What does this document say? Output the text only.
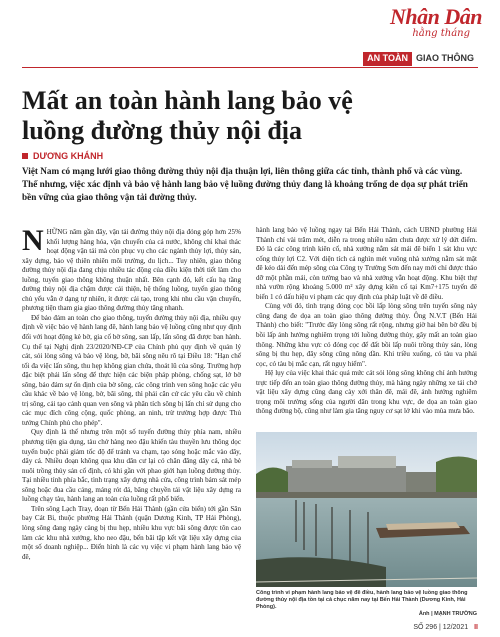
Nhân Dân
hằng tháng
AN TOÀN GIAO THÔNG
Mất an toàn hành lang bảo vệ luồng đường thủy nội địa
DƯƠNG KHÁNH

Việt Nam có mạng lưới giao thông đường thủy nội địa thuận lợi, liên thông giữa các tỉnh, thành phố và các vùng. Thế nhưng, việc xác định và bảo vệ hành lang bảo vệ luồng đường thủy đang là khoảng trống de dọa sự phát triển bền vững của giao thông vận tải đường thủy.

N HỮNG năm gần đây, vận tải đường thủy nội địa đóng góp hơn 25% khối lượng hàng hóa, vận chuyển của cả nước, không chỉ khai thác hoạt động vận tải mà còn phục vụ cho các ngành thủy lợi, thủy sản, xây dựng, bảo vệ thiên nhiên môi trường, du lịch... Tuy nhiên, giao thông đường thủy nội địa đang chịu nhiều tác động của điều kiện thời tiết làm cho luồng, tuyến giao thông không thuận nhất. Bên cạnh đó, kết cấu hạ tầng đường thủy nội địa chậm được cải thiện, hệ thống luồng, tuyến giao thông chủ yếu vẫn ở dạng tự nhiên, ít được cải tạo, trong khi nhu cầu vận chuyển, phương tiện tham gia giao thông đường thủy tăng nhanh.

Để bảo đảm an toàn cho giao thông, tuyến đường thủy nội địa, nhiều quy định về việc bảo vệ hành lang đê, hành lang bảo vệ luồng cũng như quy định đối với hoạt động kè bờ, gia cố bờ sông, san lấp, lấn sông đã được ban hành. Cụ thể tại Nghị định 23/2020/NĐ-CP của Chính phủ quy định về quản lý cát, sỏi lòng sông và bảo vệ lòng, bờ, bãi sông nêu rõ tại Điều 18: "Hạn chế tối đa việc lấn sông, thu hẹp không gian chứa, thoát lũ của sông. Trường hợp đặc biệt phải lấn sông để thực hiện các biện pháp phòng, chống sạt, lở bờ sông, bảo đảm sự ổn định của bờ sông, các công trình ven sông hoặc các yêu cầu khác về bảo vệ lòng, bờ, bãi sông, thì phải căn cứ các yêu cầu về chỉnh trị sông, cải tạo cảnh quan ven sông và phân tích sông bị lấn chỉ sử dụng cho các mục đích công cộng, quốc phòng, an ninh, trừ trường hợp được Thủ tướng Chính phủ cho phép".

Quy định là thế nhưng trên một số tuyến đường thủy phía nam, nhiều phương tiện gia dụng, tàu chở hàng neo đậu khiến tàu thuyền lưu thông dọc tuyến buộc phải giảm tốc độ để tránh va chạm, tạo sóng hoặc mắc vào dây, dây cá. Nhiều đoạn không qua khu dân cư lại có chăn đăng dây cá, nhà bè nuôi trồng thủy sản cố định, có khi gần với phao giới hạn luồng đường thủy. Tại nhiều tỉnh phía bắc, tình trạng xây dựng nhà cửa, công trình bám sát mép sông hoặc đua cầu cảng, máng rót đá, bãng chuyền tải vật liệu xây dựng ra luồng chạy tàu, hành lang an toàn của luồng rất phổ biến.

Trên sông Lạch Tray, đoạn từ Bến Hải Thành (gần cửa biển) tới gần Sân bay Cát Bi, thuộc phường Hải Thành (quận Dương Kinh, TP Hải Phòng), lòng sông đang ngày càng bị thu hẹp, nhiều khu vực bãi sông được tôn cao làm các khu nhà xưởng, kho neo đậu, bến bãi tập kết vật liệu xây dựng của một số doanh nghiệp... Điển hình là các vụ việc vi phạm hành lang bảo vệ đê,

hành lang bảo vệ luồng ngay tại Bến Hải Thành, cách UBND phường Hải Thành chỉ vài trăm mét, diễn ra trong nhiều năm chưa được xử lý dứt điểm. Đó là các công trình kiên cố, nhà xưởng nằm sát mái đê biển 1 sát khu vực cống thủy lợi C2. Với diện tích cả nghìn mét vuông nhà xưởng nằm sát mặt đê kéo dài đến mép sông của Công ty Trường Sơn đến nay mới chỉ được tháo dỡ một phần mái, còn tường bao và nhà xưởng vẫn hoạt động. Khu biệt thự nhà vườn rộng khoảng 5.000 m² xây dựng kiên cố tại Km7+175 tuyến đê biển 1 có dấu hiệu vi phạm các quy định của pháp luật về đê điều.

Cùng với đó, tình trạng đóng cọc bồi lấp lòng sông trên tuyến sông này cũng đang đe dọa an toàn giao thông đường thủy. Ông N.V.T (Bến Hải Thành) cho biết: "Trước đây lòng sông rất rộng, nhưng giờ hai bên bờ đều bị bồi lấp ảnh hưởng nghiêm trọng tới luồng đường thủy, gây mất an toàn giao thông. Những khu vực có đóng cọc để đất bồi lấp nuôi trồng thủy sản, lòng sông bị thu hẹp, đây sông cũng nông dần. Khi triều xuống, có tàu va phải cọc, có tàu bị mắc cạn, rất nguy hiểm".

Hệ lụy của việc khai thác quá mức cát sỏi lòng sông không chỉ ảnh hưởng trực tiếp đến an toàn giao thông đường thủy, mà hàng ngày những xe tải chở vật liệu xây dựng cũng đang cày xới thân đê, mái đê, ảnh hưởng nghiêm trọng môi trường sống của người dân trong khu vực, đe dọa an toàn giao thông đường bộ, cũng như làm gia tăng nguy cơ sạt lở khi vào mùa mưa bão.

Công trình vi phạm hành lang bảo vệ đê điều, hành lang bảo vệ luồng giao thông đường thủy nội địa tồn tại cả chục năm nay tại Bến Hải Thành (Dương Kinh, Hải Phòng).
Ảnh | MẠNH TRƯỜNG

SỐ 296 | 12/2021 II
